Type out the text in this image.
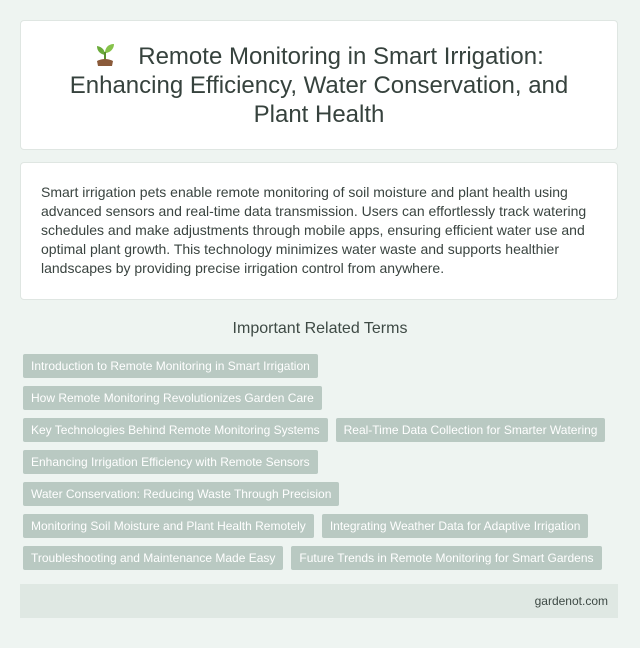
Remote Monitoring in Smart Irrigation: Enhancing Efficiency, Water Conservation, and Plant Health

Smart irrigation pets enable remote monitoring of soil moisture and plant health using advanced sensors and real-time data transmission. Users can effortlessly track watering schedules and make adjustments through mobile apps, ensuring efficient water use and optimal plant growth. This technology minimizes water waste and supports healthier landscapes by providing precise irrigation control from anywhere.

Important Related Terms
Introduction to Remote Monitoring in Smart Irrigation
How Remote Monitoring Revolutionizes Garden Care
Key Technologies Behind Remote Monitoring Systems	Real-Time Data Collection for Smarter Watering
Enhancing Irrigation Efficiency with Remote Sensors
Water Conservation: Reducing Waste Through Precision
Monitoring Soil Moisture and Plant Health Remotely	Integrating Weather Data for Adaptive Irrigation
Troubleshooting and Maintenance Made Easy	Future Trends in Remote Monitoring for Smart Gardens
gardenot.com
